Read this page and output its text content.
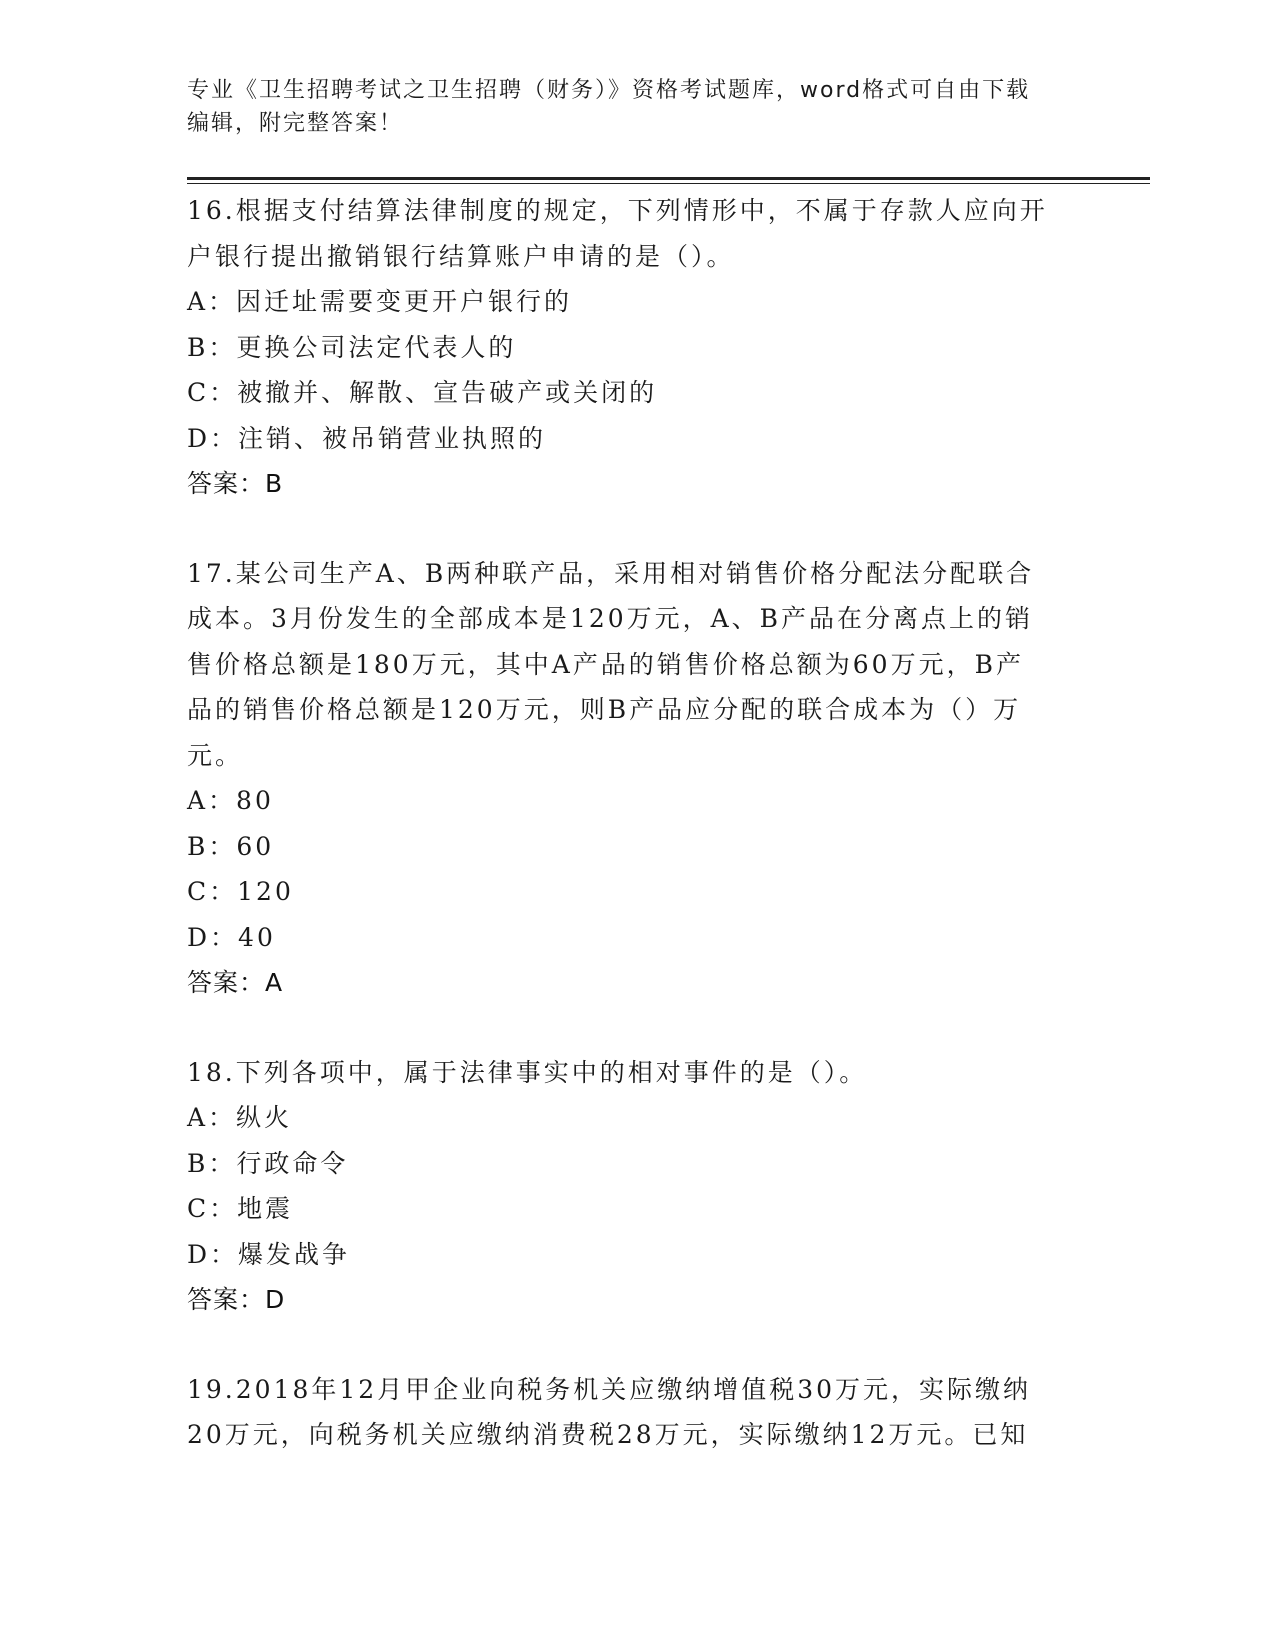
专业《卫生招聘考试之卫生招聘（财务）》资格考试题库，word格式可自由下载
编辑，附完整答案！
16.根据支付结算法律制度的规定，下列情形中，不属于存款人应向开
户银行提出撤销银行结算账户申请的是（）。
A：因迁址需要变更开户银行的
B：更换公司法定代表人的
C：被撤并、解散、宣告破产或关闭的
D：注销、被吊销营业执照的
答案：B
17.某公司生产A、B两种联产品，采用相对销售价格分配法分配联合
成本。3月份发生的全部成本是120万元，A、B产品在分离点上的销
售价格总额是180万元，其中A产品的销售价格总额为60万元，B产
品的销售价格总额是120万元，则B产品应分配的联合成本为（）万
元。
A：80
B：60
C：120
D：40
答案：A
18.下列各项中，属于法律事实中的相对事件的是（）。
A：纵火
B：行政命令
C：地震
D：爆发战争
答案：D
19.2018年12月甲企业向税务机关应缴纳增值税30万元，实际缴纳
20万元，向税务机关应缴纳消费税28万元，实际缴纳12万元。已知
